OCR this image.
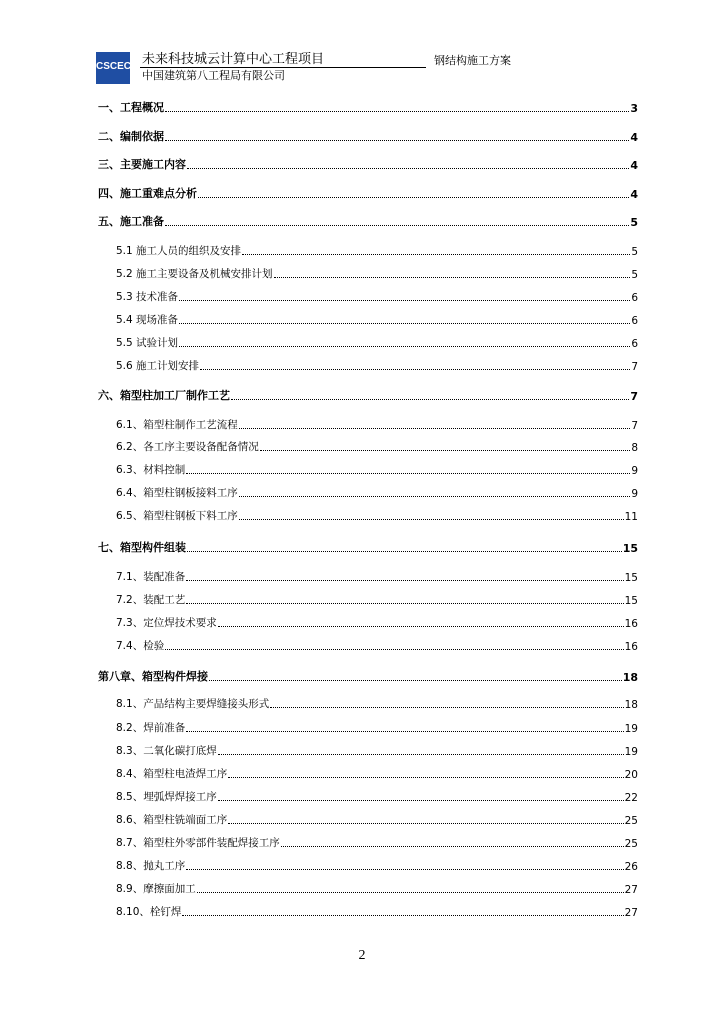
CSCEC 未来科技城云计算中心工程项目	钢结构施工方案
中国建筑第八工程局有限公司
一、工程概况	3
二、编制依据	4
三、主要施工内容	4
四、施工重难点分析	4
五、施工准备	5
5.1 施工人员的组织及安排	5
5.2 施工主要设备及机械安排计划	5
5.3 技术准备	6
5.4 现场准备	6
5.5 试验计划	6
5.6 施工计划安排	7
六、箱型柱加工厂制作工艺	7
6.1、箱型柱制作工艺流程	7
6.2、各工序主要设备配备情况	8
6.3、材料控制	9
6.4、箱型柱钢板接料工序	9
6.5、箱型柱钢板下料工序	11
七、箱型构件组装	15
7.1、装配准备	15
7.2、装配工艺	15
7.3、定位焊技术要求	16
7.4、检验	16
第八章、箱型构件焊接	18
8.1、产品结构主要焊缝接头形式	18
8.2、焊前准备	19
8.3、二氧化碳打底焊	19
8.4、箱型柱电渣焊工序	20
8.5、埋弧焊焊接工序	22
8.6、箱型柱铣端面工序	25
8.7、箱型柱外零部件装配焊接工序	25
8.8、抛丸工序	26
8.9、摩擦面加工	27
8.10、栓钉焊	27
2
